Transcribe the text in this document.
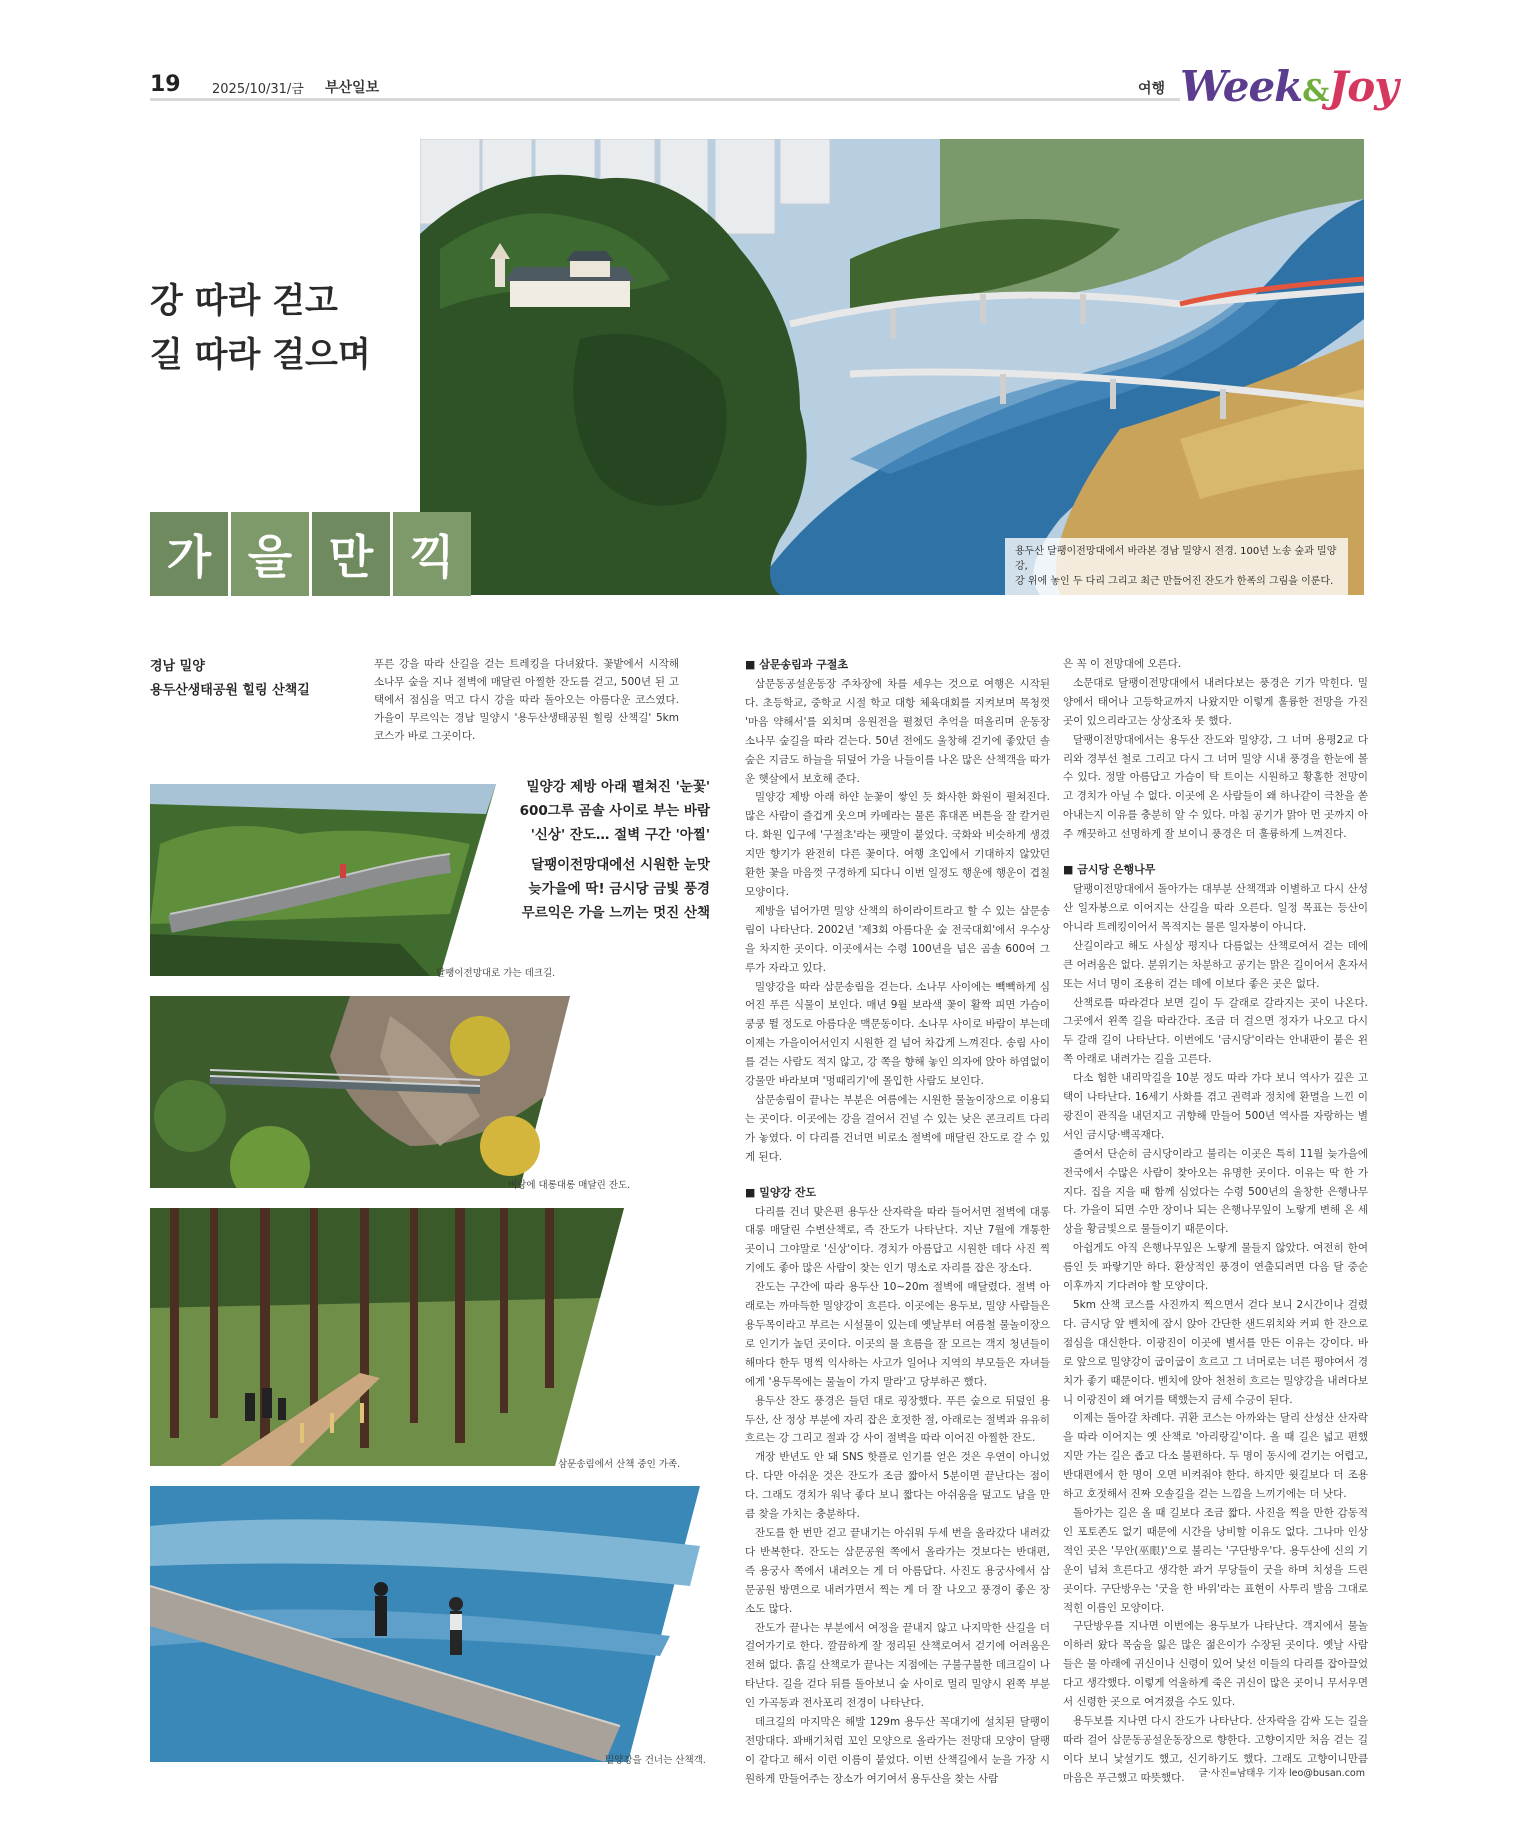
19 2025/10/31/금 부산일보	여행 Week&Joy
용두산 달팽이전망대에서 바라본 경남 밀양시 전경. 100년 노송 숲과 밀양강,
강 위에 놓인 두 다리 그리고 최근 만들어진 잔도가 한폭의 그림을 이룬다.
강 따라 걷고
길 따라 걸으며
가 을 만 끽
경남 밀양
용두산생태공원 힐링 산책길
푸른 강을 따라 산길을 걷는 트레킹을 다녀왔다. 꽃밭에서 시작해 소나무 숲을 지나 절벽에 매달린 아찔한 잔도를 걷고, 500년 된 고택에서 점심을 먹고 다시 강을 따라 돌아오는 아름다운 코스였다. 가을이 무르익는 경남 밀양시 '용두산생태공원 힐링 산책길' 5km 코스가 바로 그곳이다.

밀양강 제방 아래 펼쳐진 '눈꽃'
600그루 곰솔 사이로 부는 바람
'신상' 잔도… 절벽 구간 '아찔'

달팽이전망대에선 시원한 눈맛
늦가을에 딱! 금시당 금빛 풍경
무르익은 가을 느끼는 멋진 산책

달팽이전망대로 가는 데크길.
벼랑에 대롱대롱 매달린 잔도.
삼문송림에서 산책 중인 가족.
밀양강을 건너는 산책객.
■ 삼문송림과 구절초

삼문동공설운동장 주차장에 차를 세우는 것으로 여행은 시작된다. 초등학교, 중학교 시절 학교 대항 체육대회를 지켜보며 목청껏 '마음 약해서'를 외치며 응원전을 펼쳤던 추억을 떠올리며 운동장 소나무 숲길을 따라 걷는다. 50년 전에도 울창해 걷기에 좋았던 솔숲은 지금도 하늘을 뒤덮어 가을 나들이를 나온 많은 산책객을 따가운 햇살에서 보호해 준다.

밀양강 제방 아래 하얀 눈꽃이 쌓인 듯 화사한 화원이 펼쳐진다. 많은 사람이 즐겁게 웃으며 카메라는 물론 휴대폰 버튼을 잘 칼거린다. 화원 입구에 '구절초'라는 팻말이 붙었다. 국화와 비슷하게 생겼지만 향기가 완전히 다른 꽃이다. 여행 초입에서 기대하지 않았던 환한 꽃을 마음껏 구경하게 되다니 이번 일정도 행운에 행운이 겹칠 모양이다.

제방을 넘어가면 밀양 산책의 하이라이트라고 할 수 있는 삼문송림이 나타난다. 2002년 '제3회 아름다운 숲 전국대회'에서 우수상을 차지한 곳이다. 이곳에서는 수령 100년을 넘은 곰솔 600여 그루가 자라고 있다.

밀양강을 따라 삼문송림을 걷는다. 소나무 사이에는 빽빽하게 심어진 푸른 식물이 보인다. 매년 9월 보라색 꽃이 활짝 피면 가슴이 쿵쿵 뛸 정도로 아름다운 맥문동이다. 소나무 사이로 바람이 부는데 이제는 가을이어서인지 시원한 걸 넘어 차갑게 느껴진다. 송림 사이를 걷는 사람도 적지 않고, 강 쪽을 향해 놓인 의자에 앉아 하염없이 강물만 바라보며 '멍때리기'에 몰입한 사람도 보인다.

삼문송림이 끝나는 부분은 여름에는 시원한 물놀이장으로 이용되는 곳이다. 이곳에는 강을 걸어서 건널 수 있는 낮은 콘크리트 다리가 놓였다. 이 다리를 건너면 비로소 절벽에 매달린 잔도로 갈 수 있게 된다.

■ 밀양강 잔도

다리를 건너 맞은편 용두산 산자락을 따라 들어서면 절벽에 대롱대롱 매달린 수변산책로, 즉 잔도가 나타난다. 지난 7월에 개통한 곳이니 그야말로 '신상'이다. 경치가 아름답고 시원한 데다 사진 찍기에도 좋아 많은 사람이 찾는 인기 명소로 자리를 잡은 장소다.

잔도는 구간에 따라 용두산 10~20m 절벽에 매달렸다. 절벽 아래로는 까마득한 밀양강이 흐른다. 이곳에는 용두보, 밀양 사람들은 용두목이라고 부르는 시설물이 있는데 옛날부터 여름철 물놀이장으로 인기가 높던 곳이다. 이곳의 물 흐름을 잘 모르는 객지 청년들이 해마다 한두 명씩 익사하는 사고가 일어나 지역의 부모들은 자녀들에게 '용두목에는 물놀이 가지 말라'고 당부하곤 했다.

용두산 잔도 풍경은 들던 대로 굉장했다. 푸른 숲으로 뒤덮인 용두산, 산 정상 부분에 자리 잡은 호젓한 절, 아래로는 절벽과 유유히 흐르는 강 그리고 절과 강 사이 절벽을 따라 이어진 아찔한 잔도.

개장 반년도 안 돼 SNS 핫플로 인기를 얻은 것은 우연이 아니었다. 다만 아쉬운 것은 잔도가 조금 짧아서 5분이면 끝난다는 점이다. 그래도 경치가 워낙 좋다 보니 짧다는 아쉬움을 덮고도 남을 만큼 찾을 가치는 충분하다.

잔도를 한 번만 걷고 끝내기는 아쉬워 두세 번을 올라갔다 내려갔다 반복한다. 잔도는 삼문공원 쪽에서 올라가는 것보다는 반대편, 즉 용궁사 쪽에서 내려오는 게 더 아름답다. 사진도 용궁사에서 삼문공원 방면으로 내려가면서 찍는 게 더 잘 나오고 풍경이 좋은 장소도 많다.

잔도가 끝나는 부분에서 여정을 끝내지 않고 나지막한 산길을 더 걸어가기로 한다. 깔끔하게 잘 정리된 산책로여서 걷기에 어려움은 전혀 없다. 흙길 산책로가 끝나는 지점에는 구불구불한 데크길이 나타난다. 길을 걷다 뒤를 돌아보니 숲 사이로 멀리 밀양시 왼쪽 부분인 가곡동과 전사포리 전경이 나타난다.

데크길의 마지막은 해발 129m 용두산 꼭대기에 설치된 달팽이전망대다. 꽈배기처럼 꼬인 모양으로 올라가는 전망대 모양이 달팽이 같다고 해서 이런 이름이 붙었다. 이번 산책길에서 눈을 가장 시원하게 만들어주는 장소가 여기여서 용두산을 찾는 사람

은 꼭 이 전망대에 오른다.

소문대로 달팽이전망대에서 내려다보는 풍경은 기가 막힌다. 밀양에서 태어나 고등학교까지 나왔지만 이렇게 훌륭한 전망을 가진 곳이 있으리라고는 상상조차 못 했다.

달팽이전망대에서는 용두산 잔도와 밀양강, 그 너머 용평2교 다리와 경부선 철로 그리고 다시 그 너머 밀양 시내 풍경을 한눈에 볼 수 있다. 정말 아름답고 가슴이 탁 트이는 시원하고 황홀한 전망이고 경치가 아닐 수 없다. 이곳에 온 사람들이 왜 하나같이 극찬을 쏟아내는지 이유를 충분히 알 수 있다. 마침 공기가 맑아 먼 곳까지 아주 깨끗하고 선명하게 잘 보이니 풍경은 더 훌륭하게 느껴진다.

■ 금시당 은행나무

달팽이전망대에서 돌아가는 대부분 산책객과 이별하고 다시 산성산 일자봉으로 이어지는 산길을 따라 오른다. 일정 목표는 등산이 아니라 트레킹이어서 목적지는 물론 일자봉이 아니다.

산길이라고 해도 사실상 평지나 다름없는 산책로여서 걷는 데에 큰 어려움은 없다. 분위기는 차분하고 공기는 맑은 길이어서 혼자서 또는 서너 명이 조용히 걷는 데에 이보다 좋은 곳은 없다.

산책로를 따라걷다 보면 길이 두 갈래로 갈라지는 곳이 나온다. 그곳에서 왼쪽 길을 따라간다. 조금 더 걸으면 정자가 나오고 다시 두 갈래 길이 나타난다. 이번에도 '금시당'이라는 안내판이 붙은 왼쪽 아래로 내려가는 길을 고른다.

다소 험한 내리막길을 10분 정도 따라 가다 보니 역사가 깊은 고택이 나타난다. 16세기 사화를 겪고 권력과 정치에 환멸을 느낀 이광진이 관직을 내던지고 귀향해 만들어 500년 역사를 자랑하는 별서인 금시당·백곡재다.

줄여서 단순히 금시당이라고 불리는 이곳은 특히 11월 늦가을에 전국에서 수많은 사람이 찾아오는 유명한 곳이다. 이유는 딱 한 가지다. 집을 지을 때 함께 심었다는 수령 500년의 울창한 은행나무다. 가을이 되면 수만 장이나 되는 은행나무잎이 노랗게 변해 온 세상을 황금빛으로 물들이기 때문이다.

아쉽게도 아직 은행나무잎은 노랗게 물들지 않았다. 여전히 한여름인 듯 파랗기만 하다. 환상적인 풍경이 연출되려면 다음 달 중순 이후까지 기다려야 할 모양이다.

5km 산책 코스를 사진까지 찍으면서 걷다 보니 2시간이나 걸렸다. 금시당 앞 벤치에 잠시 앉아 간단한 샌드위치와 커피 한 잔으로 점심을 대신한다. 이광진이 이곳에 별서를 만든 이유는 강이다. 바로 앞으로 밀양강이 굽이굽이 흐르고 그 너머로는 너른 평야여서 경치가 좋기 때문이다. 벤치에 앉아 천천히 흐르는 밀양강을 내려다보니 이광진이 왜 여기를 택했는지 금세 수긍이 된다.

이제는 돌아갈 차례다. 귀환 코스는 아까와는 달리 산성산 산자락을 따라 이어지는 옛 산책로 '아리랑길'이다. 올 때 길은 넓고 편했지만 가는 길은 좁고 다소 불편하다. 두 명이 동시에 걷기는 어렵고, 반대편에서 한 명이 오면 비켜줘야 한다. 하지만 윗길보다 더 조용하고 호젓해서 진짜 오솔길을 걷는 느낌을 느끼기에는 더 낫다.

돌아가는 길은 올 때 길보다 조금 짧다. 사진을 찍을 만한 감동적인 포토존도 없기 때문에 시간을 낭비할 이유도 없다. 그나마 인상적인 곳은 '무안(巫眼)'으로 불리는 '구단방우'다. 용두산에 신의 기운이 넘쳐 흐른다고 생각한 과거 무당들이 굿을 하며 치성을 드린 곳이다. 구단방우는 '굿을 한 바위'라는 표현이 사투리 발음 그대로 적힌 이름인 모양이다.

구단방우를 지나면 이번에는 용두보가 나타난다. 객지에서 물놀이하러 왔다 목숨을 잃은 많은 젊은이가 수장된 곳이다. 옛날 사람들은 물 아래에 귀신이나 신령이 있어 낯선 이들의 다리를 잡아끌었다고 생각했다. 이렇게 억울하게 죽은 귀신이 많은 곳이니 무서우면서 신령한 곳으로 여겨졌을 수도 있다.

용두보를 지나면 다시 잔도가 나타난다. 산자락을 감싸 도는 길을 따라 걸어 삼문동공설운동장으로 향한다. 고향이지만 처음 걷는 길이다 보니 낯설기도 했고, 신기하기도 했다. 그래도 고향이니만큼 마음은 푸근했고 따뜻했다.	글·사진=남태우 기자 leo@busan.com
